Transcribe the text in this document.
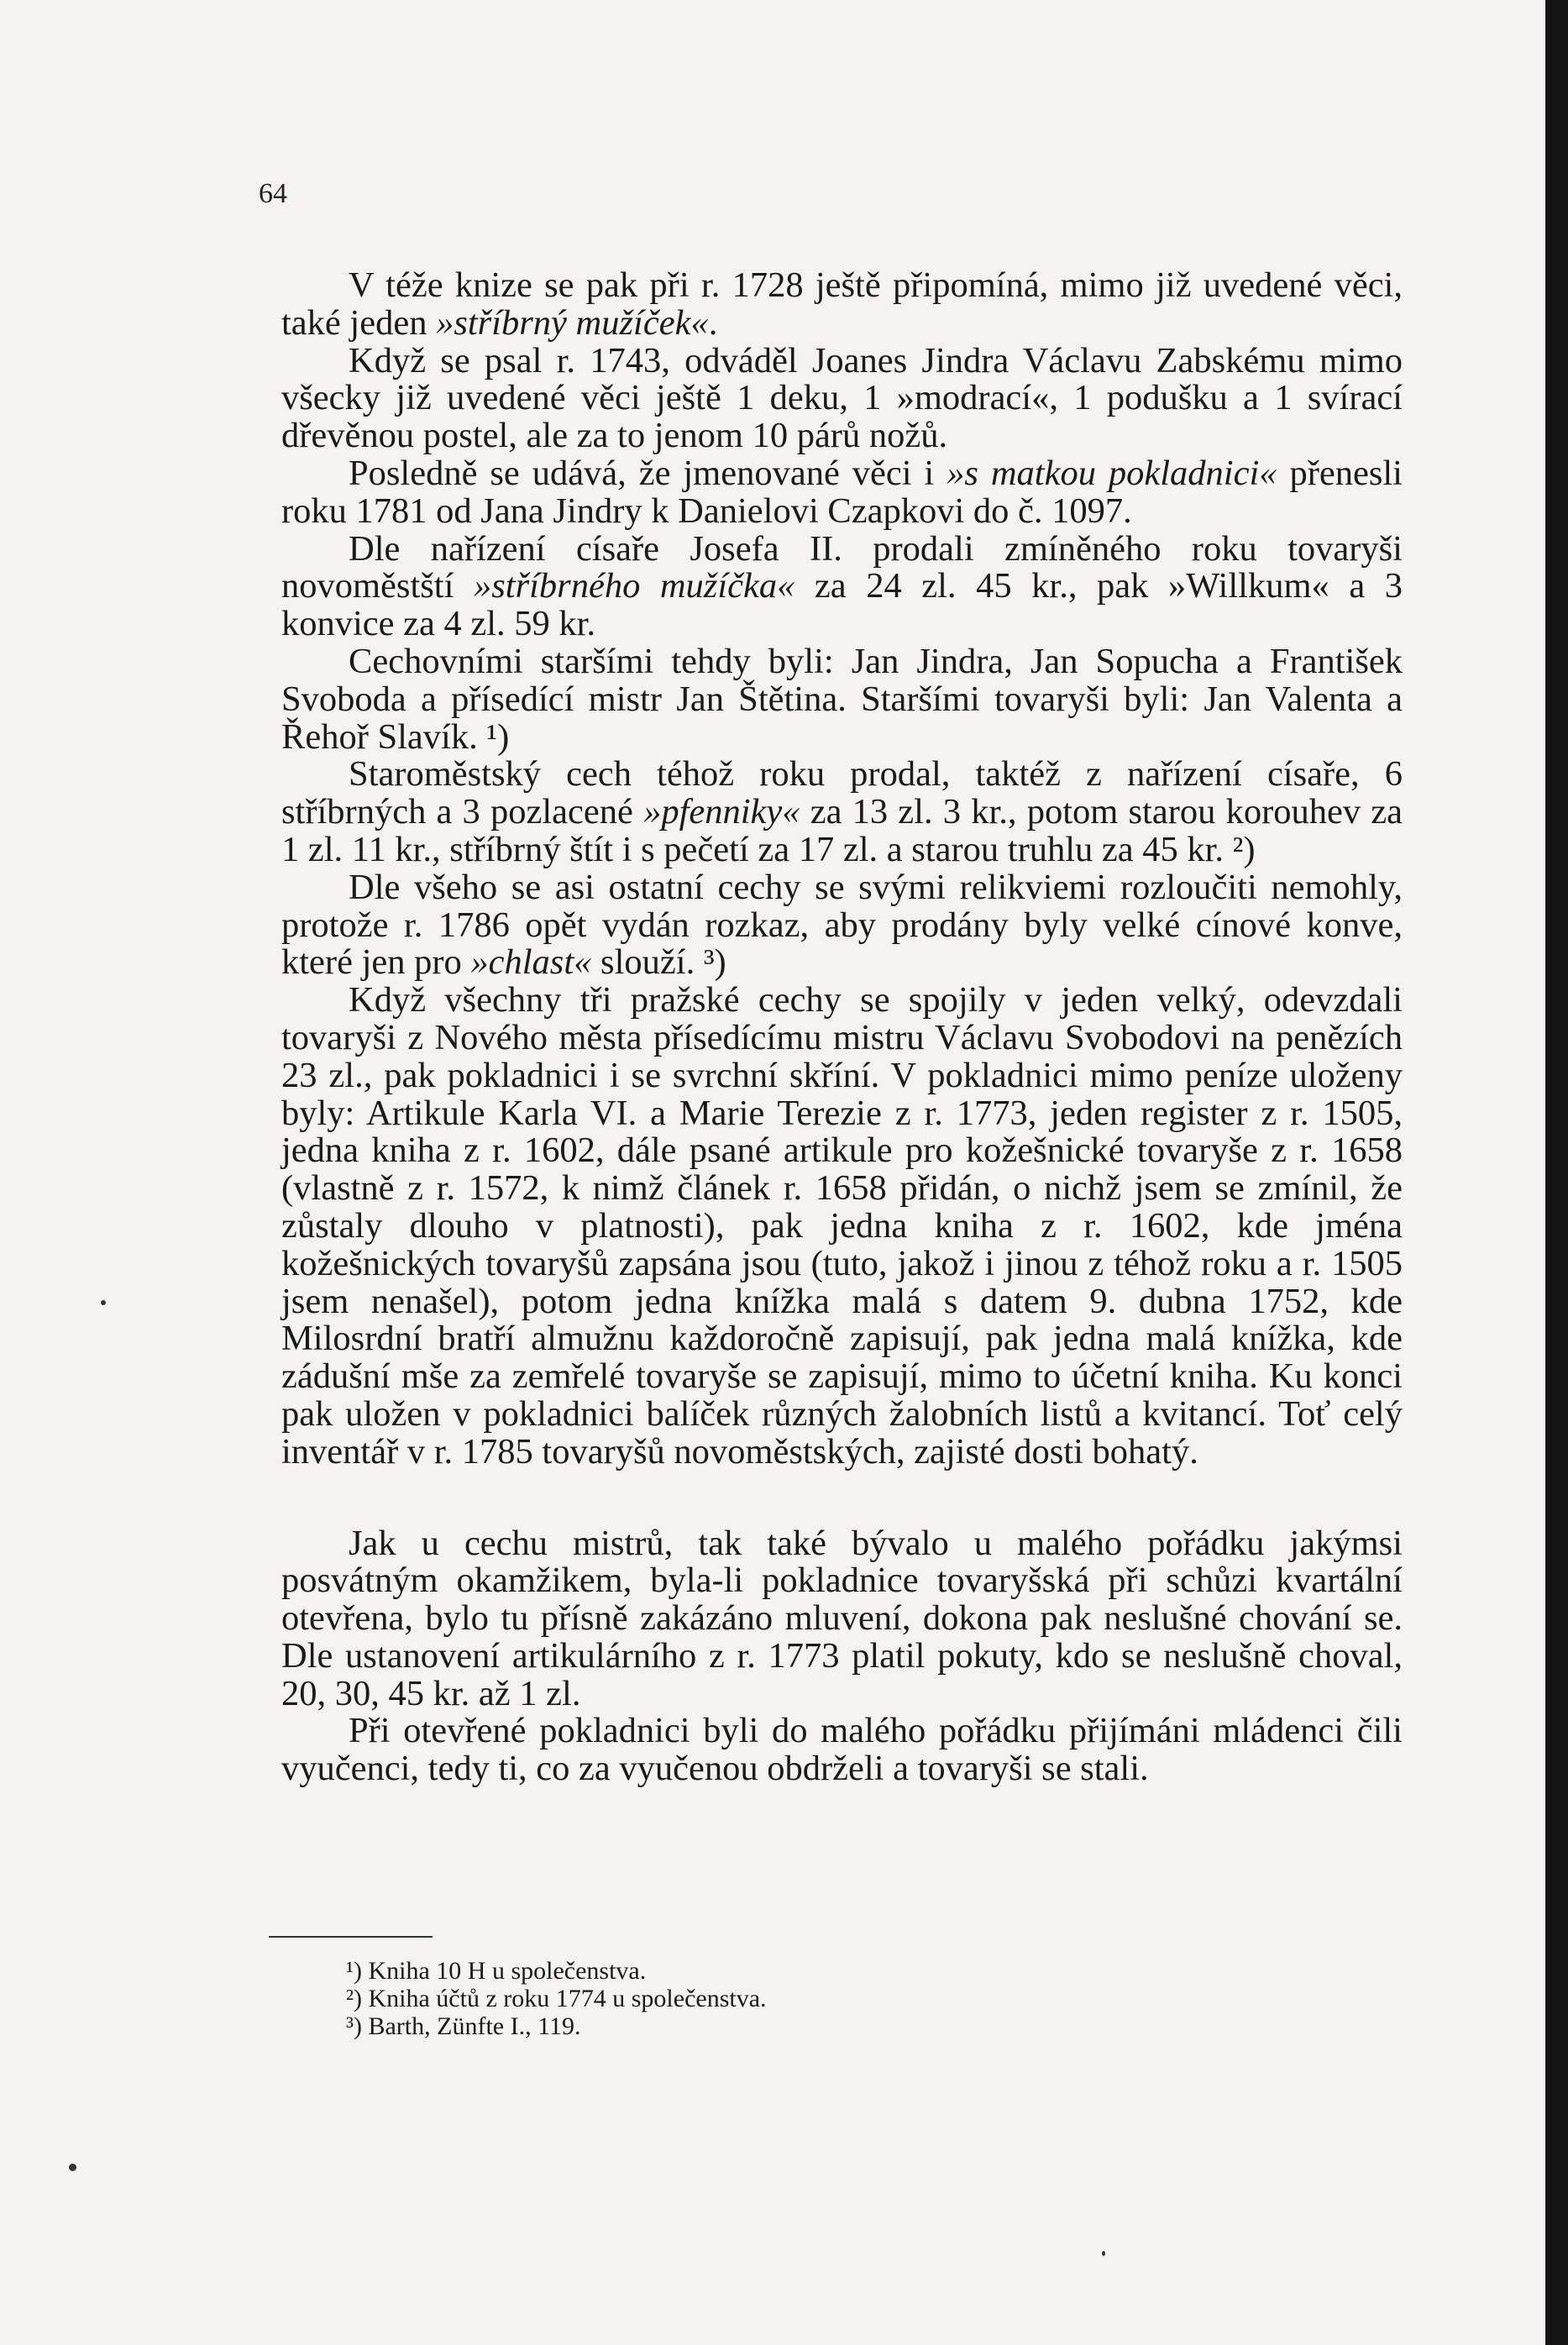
64

V téže knize se pak při r. 1728 ještě připomíná, mimo již uvedené věci, také jeden »stříbrný mužíček«.

Když se psal r. 1743, odváděl Joanes Jindra Václavu Zabskému mimo všecky již uvedené věci ještě 1 deku, 1 »modrací«, 1 podušku a 1 svírací dřevěnou postel, ale za to jenom 10 párů nožů.

Posledně se udává, že jmenované věci i »s matkou pokladnici« přenesli roku 1781 od Jana Jindry k Danielovi Czapkovi do č. 1097.

Dle nařízení císaře Josefa II. prodali zmíněného roku tovaryši novoměstští »stříbrného mužíčka« za 24 zl. 45 kr., pak »Willkum« a 3 konvice za 4 zl. 59 kr.

Cechovními staršími tehdy byli: Jan Jindra, Jan Sopucha a František Svoboda a přísedící mistr Jan Štětina. Staršími tovaryši byli: Jan Valenta a Řehoř Slavík. ¹)

Staroměstský cech téhož roku prodal, taktéž z nařízení císaře, 6 stříbrných a 3 pozlacené »pfenniky« za 13 zl. 3 kr., potom starou korouhev za 1 zl. 11 kr., stříbrný štít i s pečetí za 17 zl. a starou truhlu za 45 kr. ²)

Dle všeho se asi ostatní cechy se svými relikviemi rozloučiti nemohly, protože r. 1786 opět vydán rozkaz, aby prodány byly velké cínové konve, které jen pro »chlast« slouží. ³)

Když všechny tři pražské cechy se spojily v jeden velký, odevzdali tovaryši z Nového města přísedícímu mistru Václavu Svobodovi na penězích 23 zl., pak pokladnici i se svrchní skříní. V pokladnici mimo peníze uloženy byly: Artikule Karla VI. a Marie Terezie z r. 1773, jeden register z r. 1505, jedna kniha z r. 1602, dále psané artikule pro kožešnické tovaryše z r. 1658 (vlastně z r. 1572, k nimž článek r. 1658 přidán, o nichž jsem se zmínil, že zůstaly dlouho v platnosti), pak jedna kniha z r. 1602, kde jména kožešnických tovaryšů zapsána jsou (tuto, jakož i jinou z téhož roku a r. 1505 jsem nenašel), potom jedna knížka malá s datem 9. dubna 1752, kde Milosrdní bratří almužnu každoročně zapisují, pak jedna malá knížka, kde zádušní mše za zemřelé tovaryše se zapisují, mimo to účetní kniha. Ku konci pak uložen v pokladnici balíček různých žalobních listů a kvitancí. Toť celý inventář v r. 1785 tovaryšů novoměstských, zajisté dosti bohatý.

Jak u cechu mistrů, tak také bývalo u malého pořádku jakýmsi posvátným okamžikem, byla-li pokladnice tovaryšská při schůzi kvartální otevřena, bylo tu přísně zakázáno mluvení, dokona pak neslušné chování se. Dle ustanovení artikulárního z r. 1773 platil pokuty, kdo se neslušně choval, 20, 30, 45 kr. až 1 zl.

Při otevřené pokladnici byli do malého pořádku přijímáni mládenci čili vyučenci, tedy ti, co za vyučenou obdrželi a tovaryši se stali.

¹) Kniha 10 H u společenstva.
²) Kniha účtů z roku 1774 u společenstva.
³) Barth, Zünfte I., 119.
